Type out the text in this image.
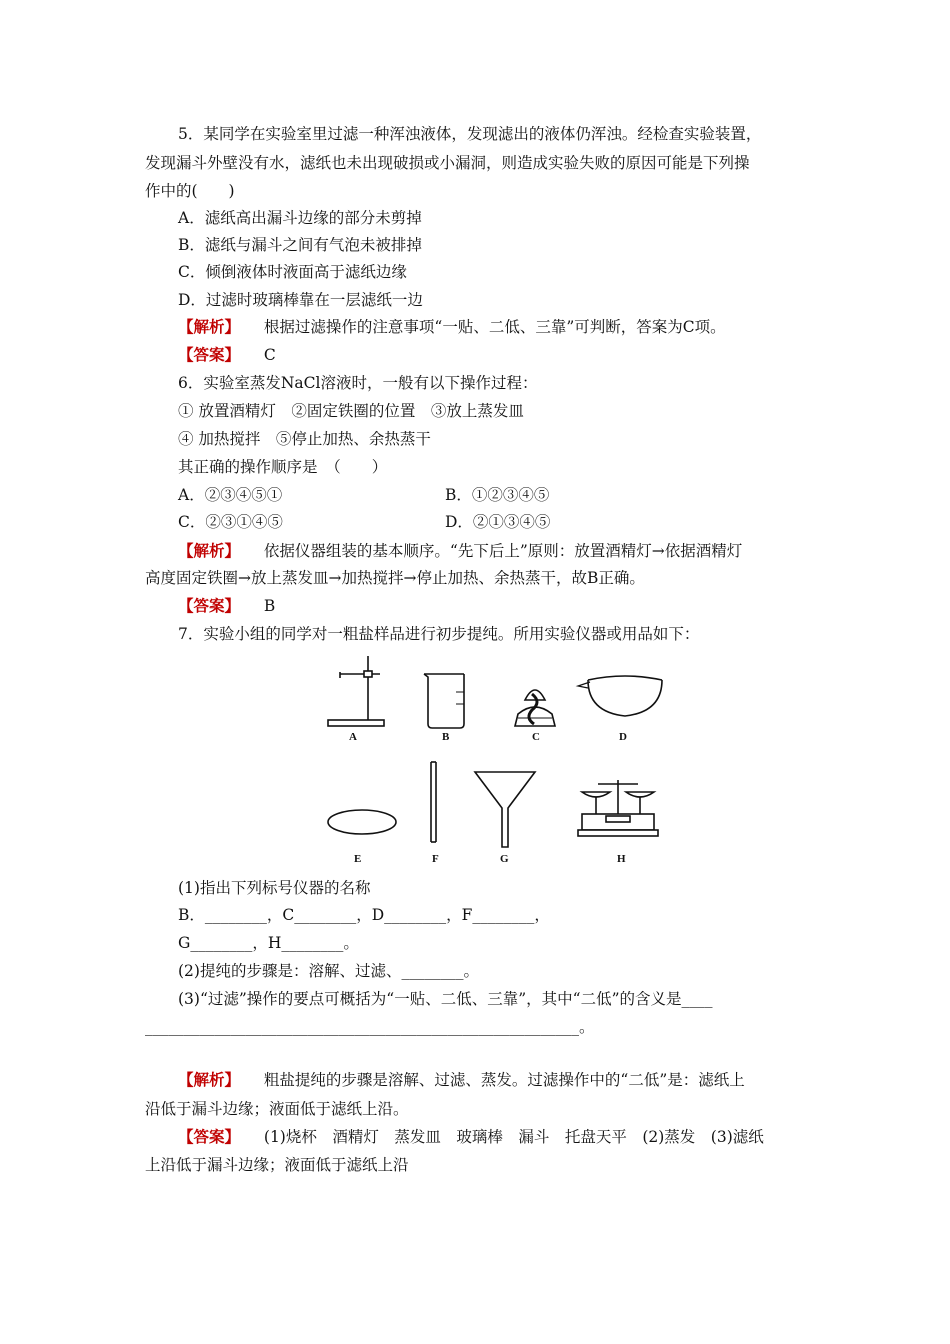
5．某同学在实验室里过滤一种浑浊液体，发现滤出的液体仍浑浊。经检查实验装置，
发现漏斗外壁没有水，滤纸也未出现破损或小漏洞，则造成实验失败的原因可能是下列操
作中的(　　)
A．滤纸高出漏斗边缘的部分未剪掉
B．滤纸与漏斗之间有气泡未被排掉
C．倾倒液体时液面高于滤纸边缘
D．过滤时玻璃棒靠在一层滤纸一边
【解析】 根据过滤操作的注意事项“一贴、二低、三靠”可判断，答案为C项。
【答案】 C
6．实验室蒸发NaCl溶液时，一般有以下操作过程：
① 放置酒精灯　②固定铁圈的位置　③放上蒸发皿
④ 加热搅拌　⑤停止加热、余热蒸干
其正确的操作顺序是　（　　）
A．②③④⑤①	B．①②③④⑤
C．②③①④⑤	D．②①③④⑤
【解析】 依据仪器组装的基本顺序。“先下后上”原则：放置酒精灯→依据酒精灯
高度固定铁圈→放上蒸发皿→加热搅拌→停止加热、余热蒸干，故B正确。
【答案】 B
7．实验小组的同学对一粗盐样品进行初步提纯。所用实验仪器或用品如下：
A	B	C	D
E	F	G	H
(1)指出下列标号仪器的名称
B．________，C________，D________，F________，
G________，H________。
(2)提纯的步骤是：溶解、过滤、________。
(3)“过滤”操作的要点可概括为“一贴、二低、三靠”，其中“二低”的含义是____
________________________________________________________。
【解析】 粗盐提纯的步骤是溶解、过滤、蒸发。过滤操作中的“二低”是：滤纸上
沿低于漏斗边缘；液面低于滤纸上沿。
【答案】 (1)烧杯　酒精灯　蒸发皿　玻璃棒　漏斗　托盘天平　(2)蒸发　(3)滤纸
上沿低于漏斗边缘；液面低于滤纸上沿
